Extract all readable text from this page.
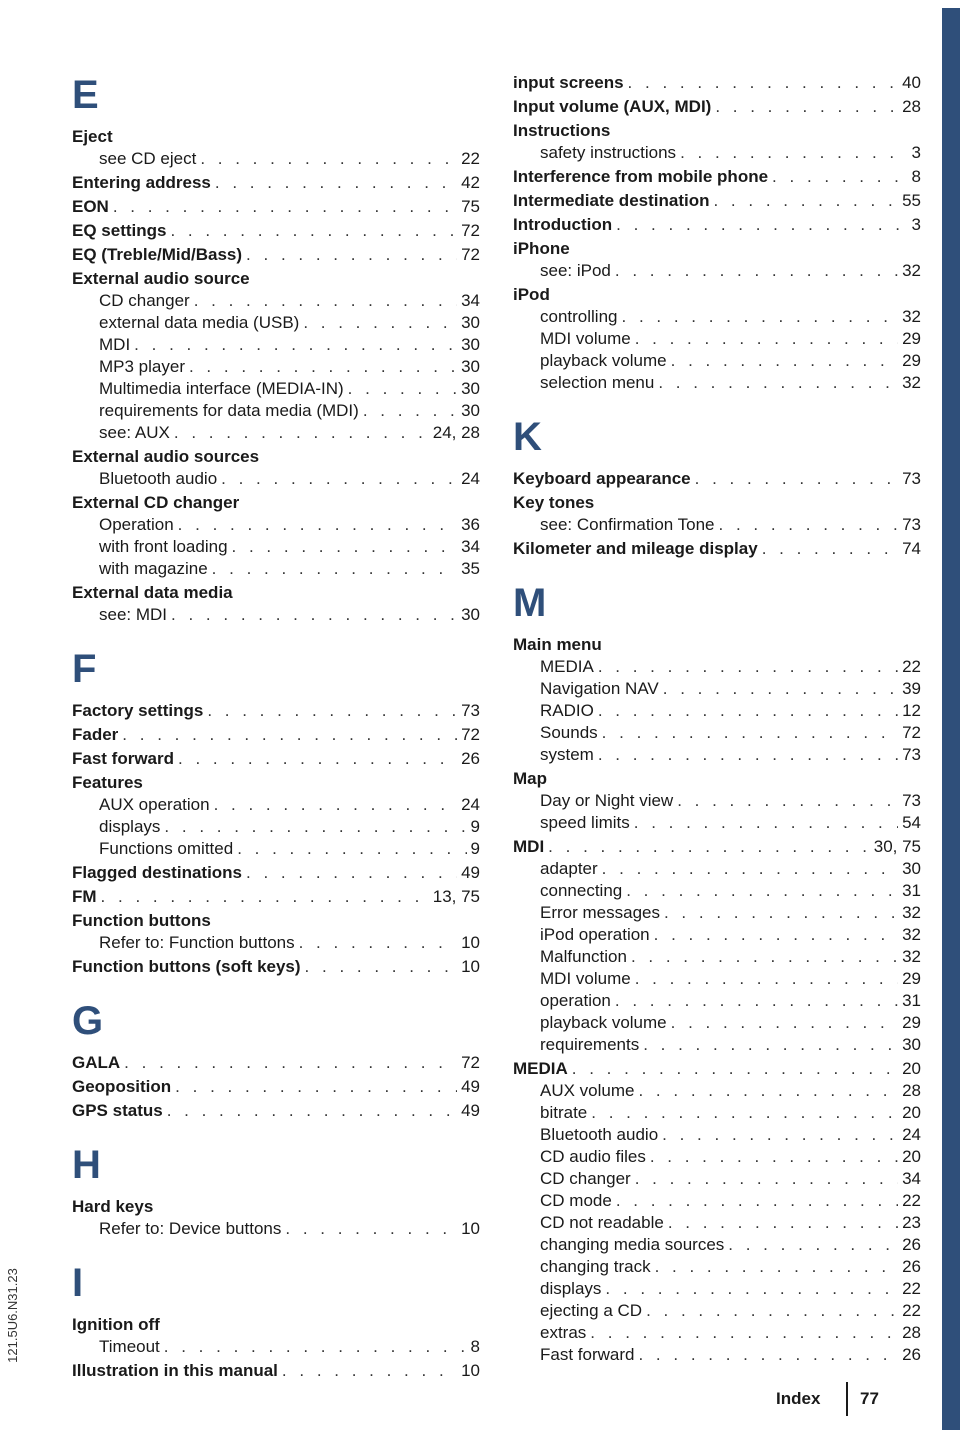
E
Eject
see CD eject . . .	22
Entering address . . .	42
EON . . .	75
EQ settings . . .	72
EQ (Treble/Mid/Bass) . . .	72
External audio source
CD changer . . .	34
external data media (USB) . . .	30
MDI . . .	30
MP3 player . . .	30
Multimedia interface (MEDIA-IN) . . .	30
requirements for data media (MDI) . . .	30
see: AUX . . .	24, 28
External audio sources
Bluetooth audio . . .	24
External CD changer
Operation . . .	36
with front loading . . .	34
with magazine . . .	35
External data media
see: MDI . . .	30
F
Factory settings . . .	73
Fader . . .	72
Fast forward . . .	26
Features
AUX operation . . .	24
displays . . .	9
Functions omitted . . .	9
Flagged destinations . . .	49
FM . . .	13, 75
Function buttons
Refer to: Function buttons . . .	10
Function buttons (soft keys) . . .	10
G
GALA . . .	72
Geoposition . . .	49
GPS status . . .	49
H
Hard keys
Refer to: Device buttons . . .	10
I
Ignition off
Timeout . . .	8
Illustration in this manual . . .	10
input screens . . .	40
Input volume (AUX, MDI) . . .	28
Instructions
safety instructions . . .	3
Interference from mobile phone . . .	8
Intermediate destination . . .	55
Introduction . . .	3
iPhone
see: iPod . . .	32
iPod
controlling . . .	32
MDI volume . . .	29
playback volume . . .	29
selection menu . . .	32
K
Keyboard appearance . . .	73
Key tones
see: Confirmation Tone . . .	73
Kilometer and mileage display . . .	74
M
Main menu
MEDIA . . .	22
Navigation NAV . . .	39
RADIO . . .	12
Sounds . . .	72
system . . .	73
Map
Day or Night view . . .	73
speed limits . . .	54
MDI . . .	30, 75
adapter . . .	30
connecting . . .	31
Error messages . . .	32
iPod operation . . .	32
Malfunction . . .	32
MDI volume . . .	29
operation . . .	31
playback volume . . .	29
requirements . . .	30
MEDIA . . .	20
AUX volume . . .	28
bitrate . . .	20
Bluetooth audio . . .	24
CD audio files . . .	20
CD changer . . .	34
CD mode . . .	22
CD not readable . . .	23
changing media sources . . .	26
changing track . . .	26
displays . . .	22
ejecting a CD . . .	22
extras . . .	28
Fast forward . . .	26
121.5U6.N31.23
Index	77
